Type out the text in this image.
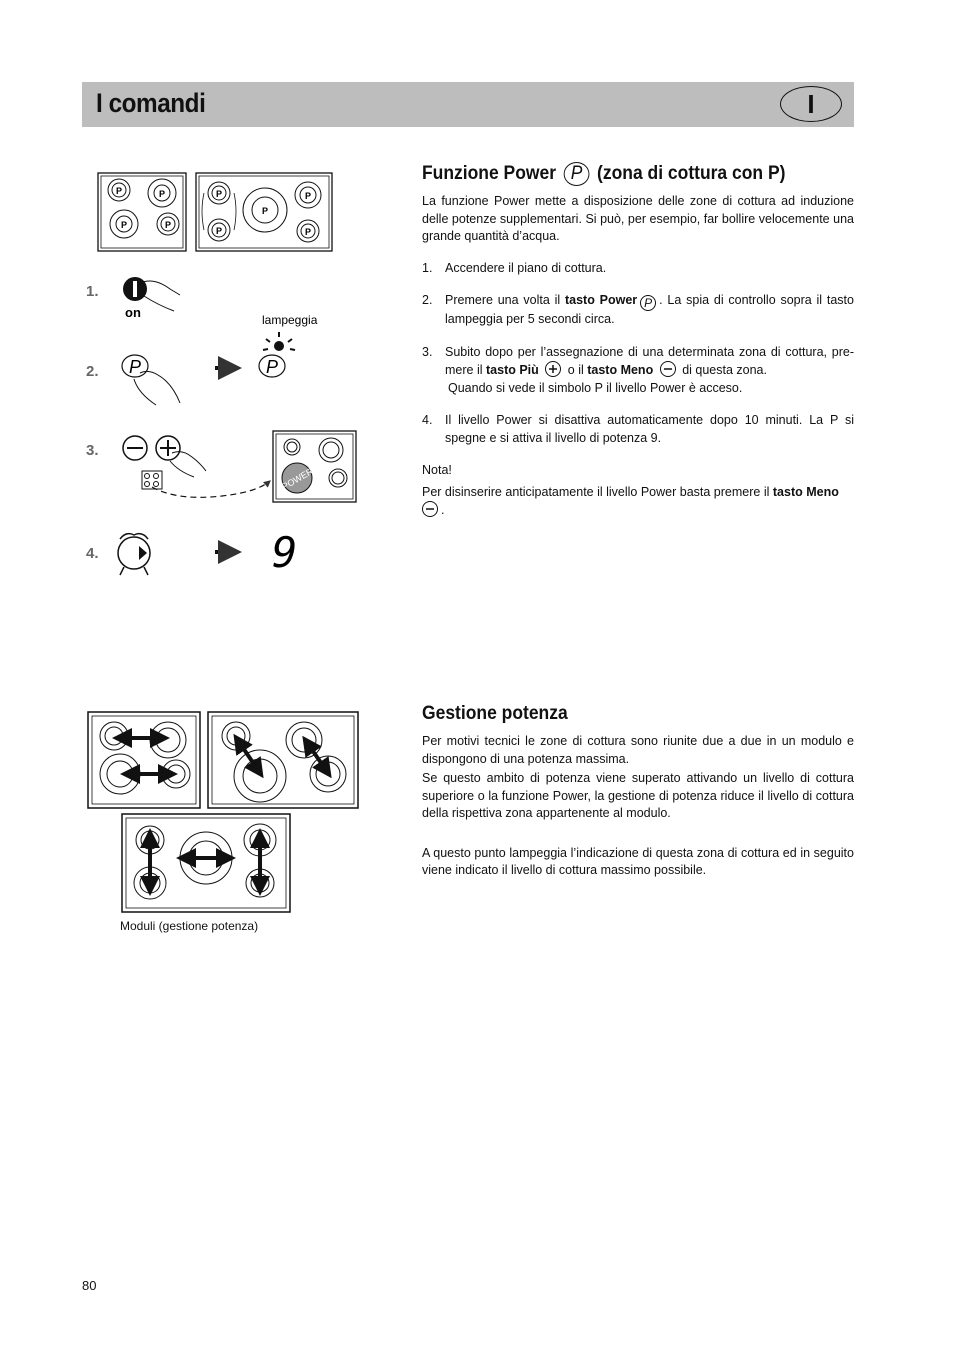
I comandi	I
P	P
P	P
P
P
P
P
P
1.
2.
3.
4.
on	lampeggia
P	P
POWER
9
Funzione Power P (zona di cottura con P)

La funzione Power mette a disposizione delle zone di cottura ad induzione delle potenze supplementari. Si può, per esempio, far bollire velocemente una grande quantità d’acqua.

1. Accendere il piano di cottura.
2. Premere una volta il tasto Power P . La spia di controllo sopra il tasto lampeggia per 5 secondi circa.
3. Subito dopo per l’assegnazione di una determinata zona di cottura, pre-mere il tasto Più o il tasto Meno di questa zona.
Quando si vede il simbolo P il livello Power è acceso.
4. Il livello Power si disattiva automaticamente dopo 10 minuti. La P si spegne e si attiva il livello di potenza 9.

Nota!

Per disinserire anticipatamente il livello Power basta premere il tasto Meno

.

Moduli (gestione potenza)
Gestione potenza

Per motivi tecnici le zone di cottura sono riunite due a due in un modulo e dispongono di una potenza massima.

Se questo ambito di potenza viene superato attivando un livello di cottura superiore o la funzione Power, la gestione di potenza riduce il livello di cottura della rispettiva zona appartenente al modulo.

A questo punto lampeggia l’indicazione di questa zona di cottura ed in seguito viene indicato il livello di cottura massimo possibile.

80
